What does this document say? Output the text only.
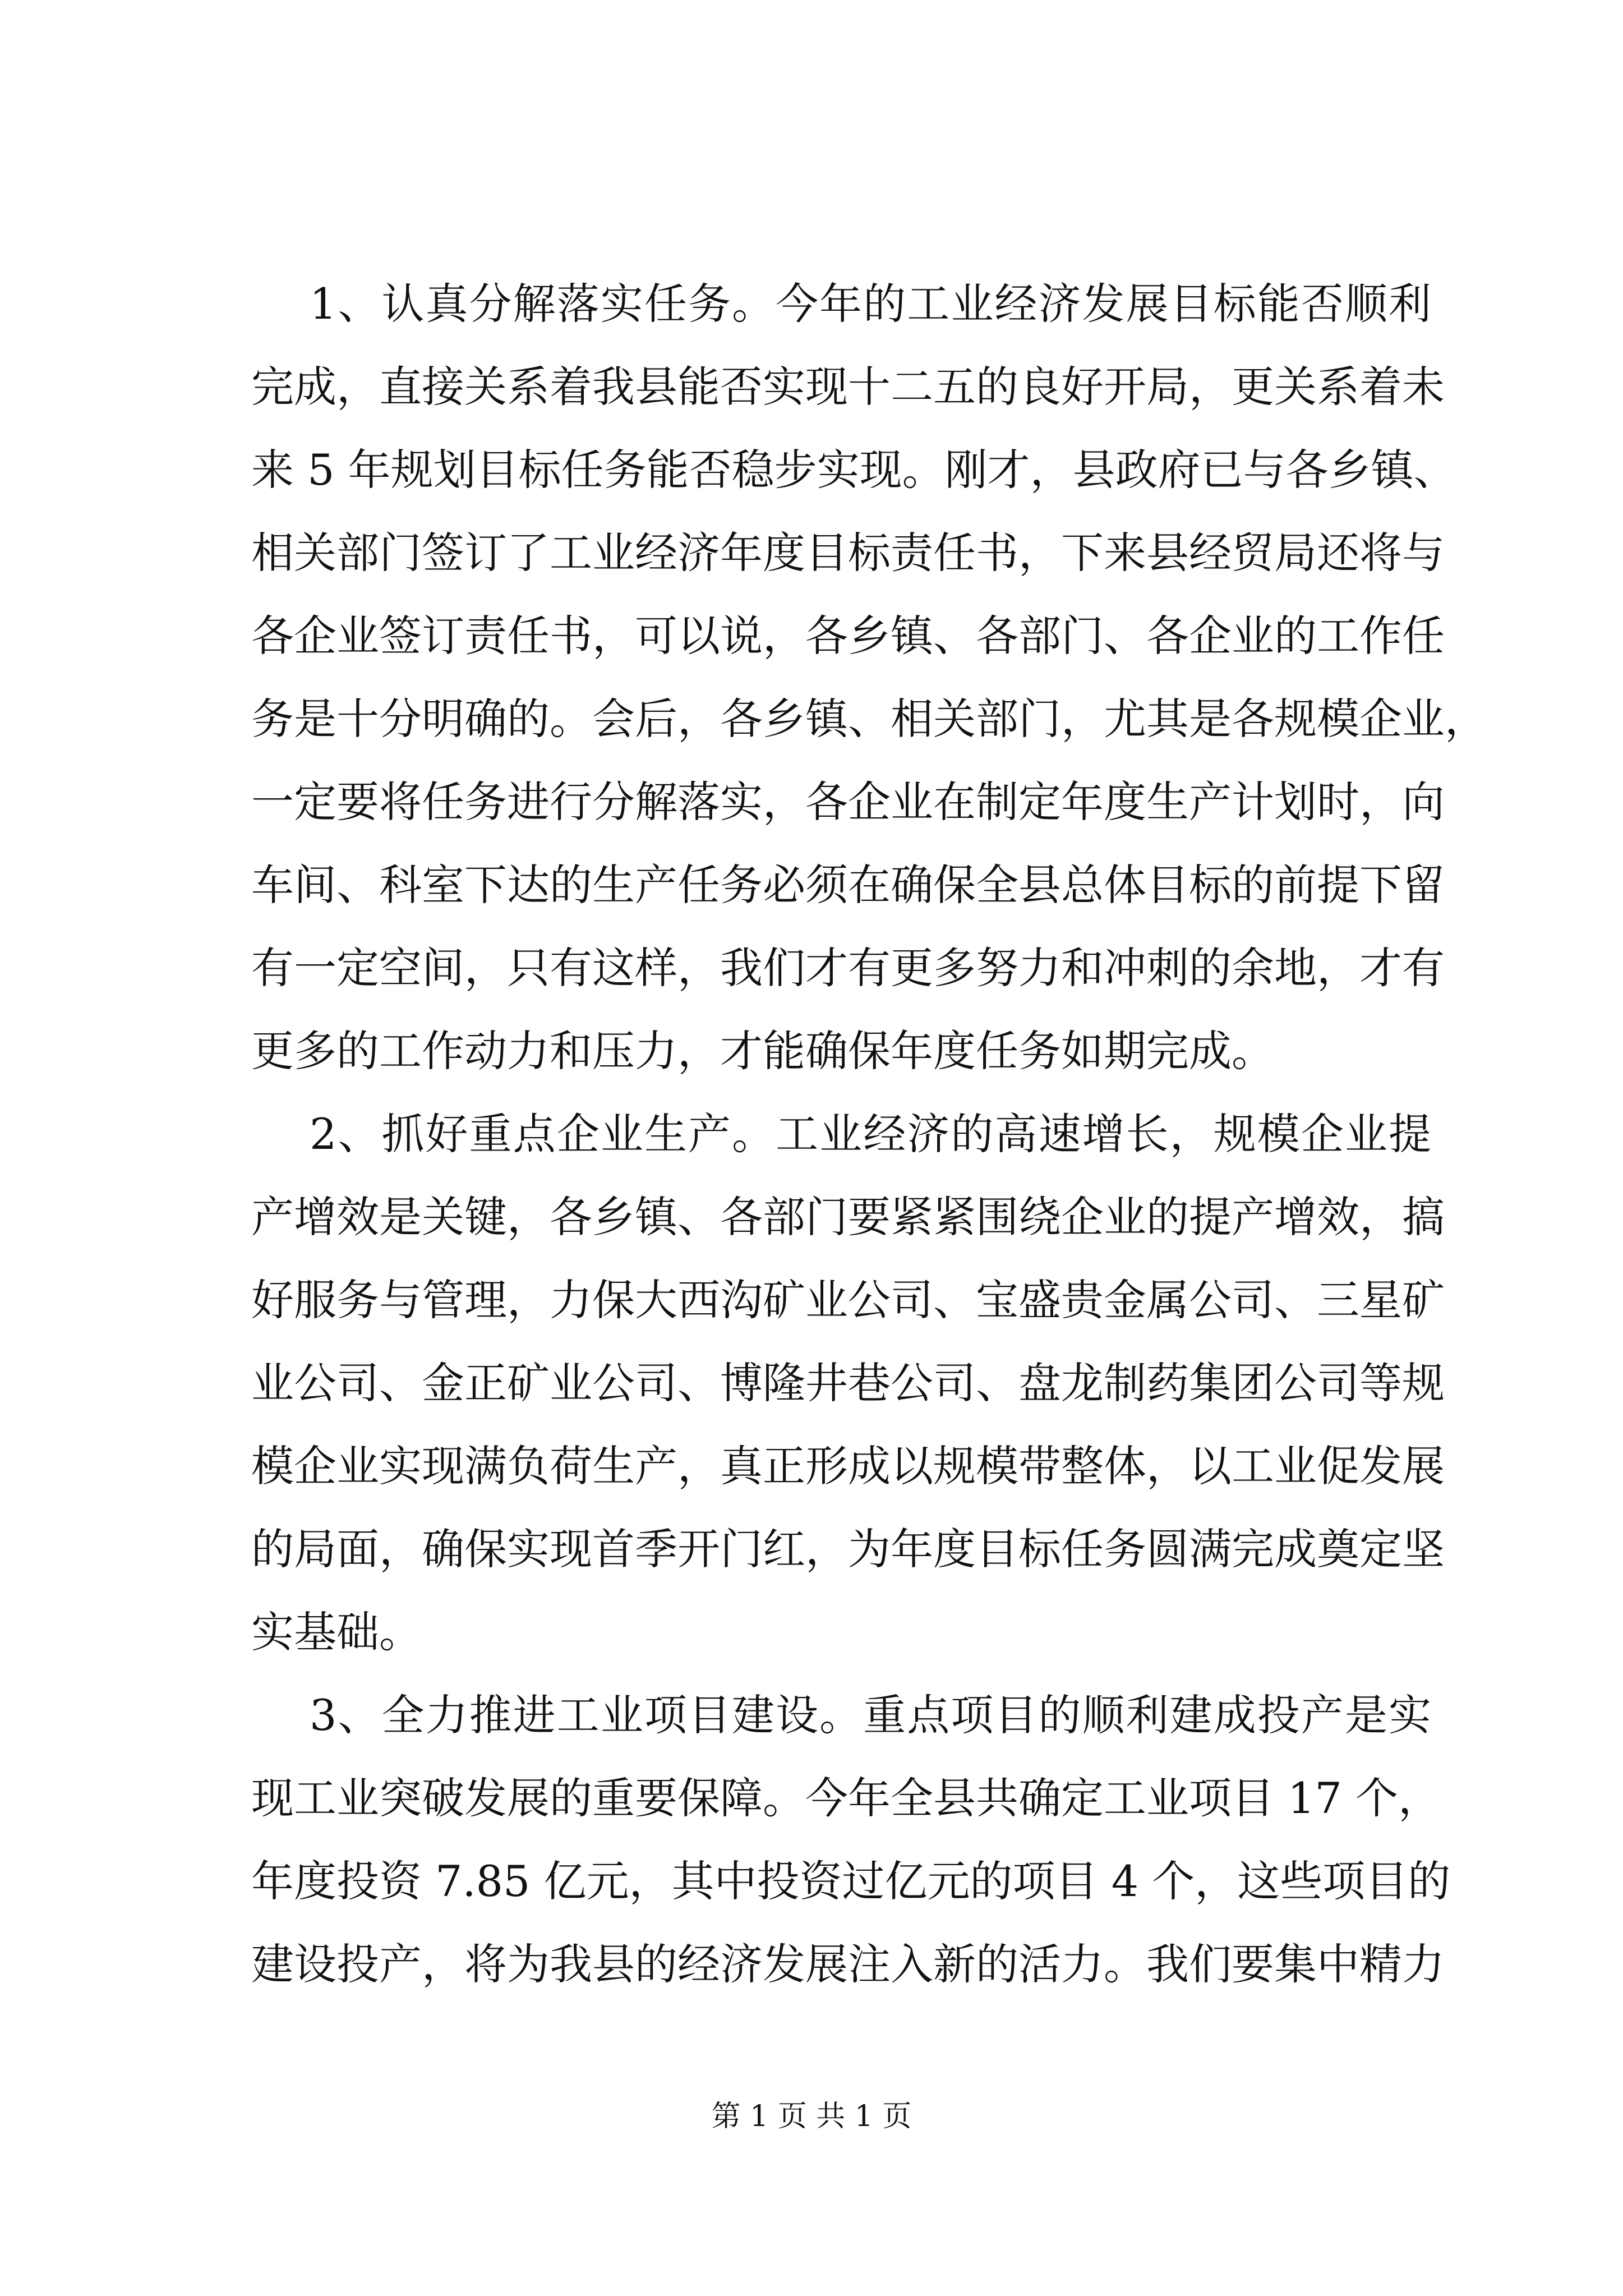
1、认真分解落实任务。今年的工业经济发展目标能否顺利
完成，直接关系着我县能否实现十二五的良好开局，更关系着未
来 5 年规划目标任务能否稳步实现。刚才，县政府已与各乡镇、
相关部门签订了工业经济年度目标责任书，下来县经贸局还将与
各企业签订责任书，可以说，各乡镇、各部门、各企业的工作任
务是十分明确的。会后，各乡镇、相关部门，尤其是各规模企业，
一定要将任务进行分解落实，各企业在制定年度生产计划时，向
车间、科室下达的生产任务必须在确保全县总体目标的前提下留
有一定空间，只有这样，我们才有更多努力和冲刺的余地，才有
更多的工作动力和压力，才能确保年度任务如期完成。
2、抓好重点企业生产。工业经济的高速增长，规模企业提
产增效是关键，各乡镇、各部门要紧紧围绕企业的提产增效，搞
好服务与管理，力保大西沟矿业公司、宝盛贵金属公司、三星矿
业公司、金正矿业公司、博隆井巷公司、盘龙制药集团公司等规
模企业实现满负荷生产，真正形成以规模带整体，以工业促发展
的局面，确保实现首季开门红，为年度目标任务圆满完成奠定坚
实基础。
3、全力推进工业项目建设。重点项目的顺利建成投产是实
现工业突破发展的重要保障。今年全县共确定工业项目 17 个，
年度投资 7.85 亿元，其中投资过亿元的项目 4 个，这些项目的
建设投产，将为我县的经济发展注入新的活力。我们要集中精力
第 1 页 共 1 页
